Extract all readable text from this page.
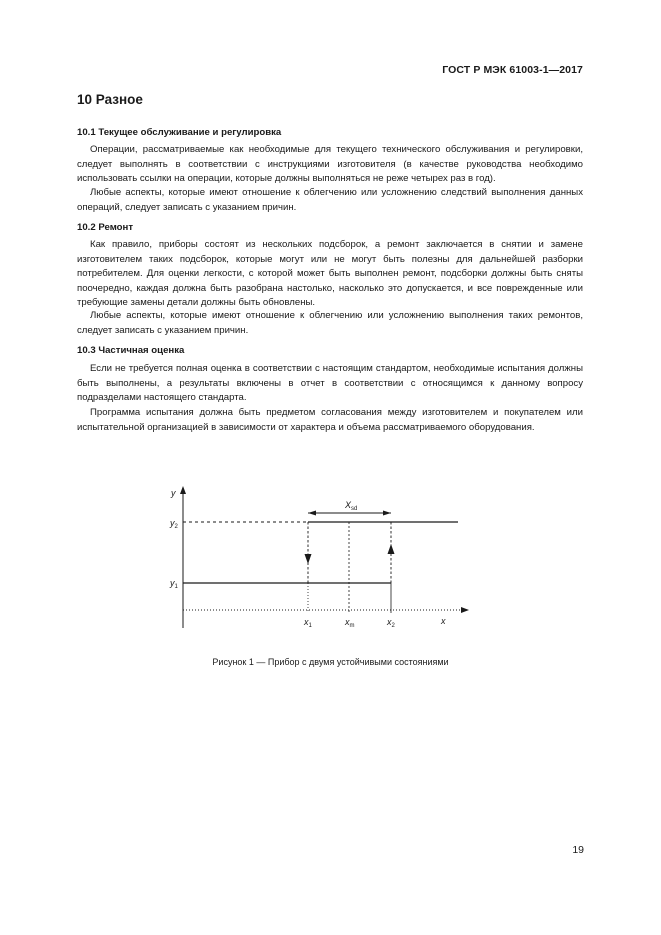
ГОСТ Р МЭК 61003-1—2017
10 Разное
10.1 Текущее обслуживание и регулировка

Операции, рассматриваемые как необходимые для текущего технического обслуживания и регулировки, следует выполнять в соответствии с инструкциями изготовителя (в качестве руководства необходимо использовать ссылки на операции, которые должны выполняться не реже четырех раз в год).

Любые аспекты, которые имеют отношение к облегчению или усложнению следствий выполнения данных операций, следует записать с указанием причин.

10.2 Ремонт

Как правило, приборы состоят из нескольких подсборок, а ремонт заключается в снятии и замене изготовителем таких подсборок, которые могут или не могут быть полезны для дальнейшей разборки потребителем. Для оценки легкости, с которой может быть выполнен ремонт, подсборки должны быть сняты поочередно, каждая должна быть разобрана настолько, насколько это допускается, и все поврежденные или требующие замены детали должны быть обновлены.

Любые аспекты, которые имеют отношение к облегчению или усложнению выполнения таких ремонтов, следует записать с указанием причин.

10.3 Частичная оценка

Если не требуется полная оценка в соответствии с настоящим стандартом, необходимые испытания должны быть выполнены, а результаты включены в отчет в соответствии с относящимся к данному вопросу подразделами настоящего стандарта.

Программа испытания должна быть предметом согласования между изготовителем и покупателем или испытательной организацией в зависимости от характера и объема рассматриваемого оборудования.

y
x
$y_2$
$y_1$
$x_1$	$x_m$	$x_2$
$X_{sd}$
Рисунок 1 — Прибор с двумя устойчивыми состояниями
19
